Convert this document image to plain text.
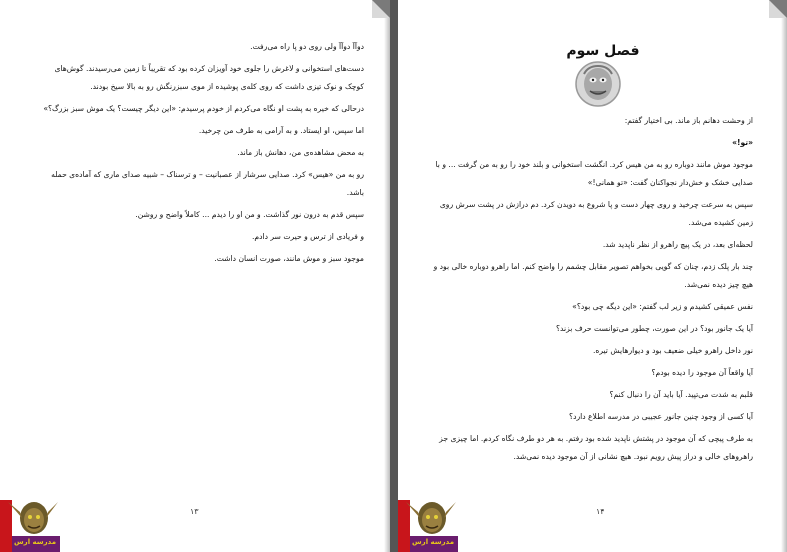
دوآآ دوآآ ولی روی دو پا راه می‌رفت.

دست‌های استخوانی و لاغرش را جلوی خود آویزان کرده بود که تقریباً تا زمین می‌رسیدند. گوش‌های کوچک و نوک تیزی داشت که روی کله‌ی پوشیده از موی سبزرنگش رو به بالا سیخ بودند.

درحالی که خیره به پشت او نگاه می‌کردم از خودم پرسیدم: «این دیگر چیست؟ یک موش سبز بزرگ؟»

اما سپس، او ایستاد. و به آرامی به طرف من چرخید.

به محض مشاهده‌ی من، دهانش باز ماند.

رو به من «هیس» کرد. صدایی سرشار از عصبانیت – و ترسناک – شبیه صدای ماری که آماده‌ی حمله باشد.

سپس قدم به درون نور گذاشت. و من او را دیدم ... کاملاً واضح و روشن.

و فریادی از ترس و حیرت سر دادم.

موجود سبز و موش مانند، صورت انسان داشت.

۱۳
مدرسه ارس
فصل سوم

از وحشت دهانم باز ماند. بی اختیار گفتم:

«تو!»

موجود موش مانند دوباره رو به من هیس کرد. انگشت استخوانی و بلند خود را رو به من گرفت ... و با صدایی خشک و خش‌دار نجواکنان گفت: «تو همانی!»

سپس به سرعت چرخید و روی چهار دست و پا شروع به دویدن کرد. دم درازش در پشت سرش روی زمین کشیده می‌شد.

لحظه‌ای بعد، در یک پیچ راهرو از نظر ناپدید شد.

چند بار پلک زدم، چنان که گویی بخواهم تصویر مقابل چشمم را واضح کنم. اما راهرو دوباره خالی بود و هیچ چیز دیده نمی‌شد.

نفس عمیقی کشیدم و زیر لب گفتم: «این دیگه چی بود؟»

آیا یک جانور بود؟ در این صورت، چطور می‌توانست حرف بزند؟

نور داخل راهرو خیلی ضعیف بود و دیوارهایش تیره.

آیا واقعاً آن موجود را دیده بودم؟

قلبم به شدت می‌تپید. آیا باید آن را دنبال کنم؟

آیا کسی از وجود چنین جانور عجیبی در مدرسه اطلاع دارد؟

به طرف پیچی که آن موجود در پشتش ناپدید شده بود رفتم. به هر دو طرف نگاه کردم. اما چیزی جز راهروهای خالی و دراز پیش رویم نبود. هیچ نشانی از آن موجود دیده نمی‌شد.

۱۴
مدرسه ارس
